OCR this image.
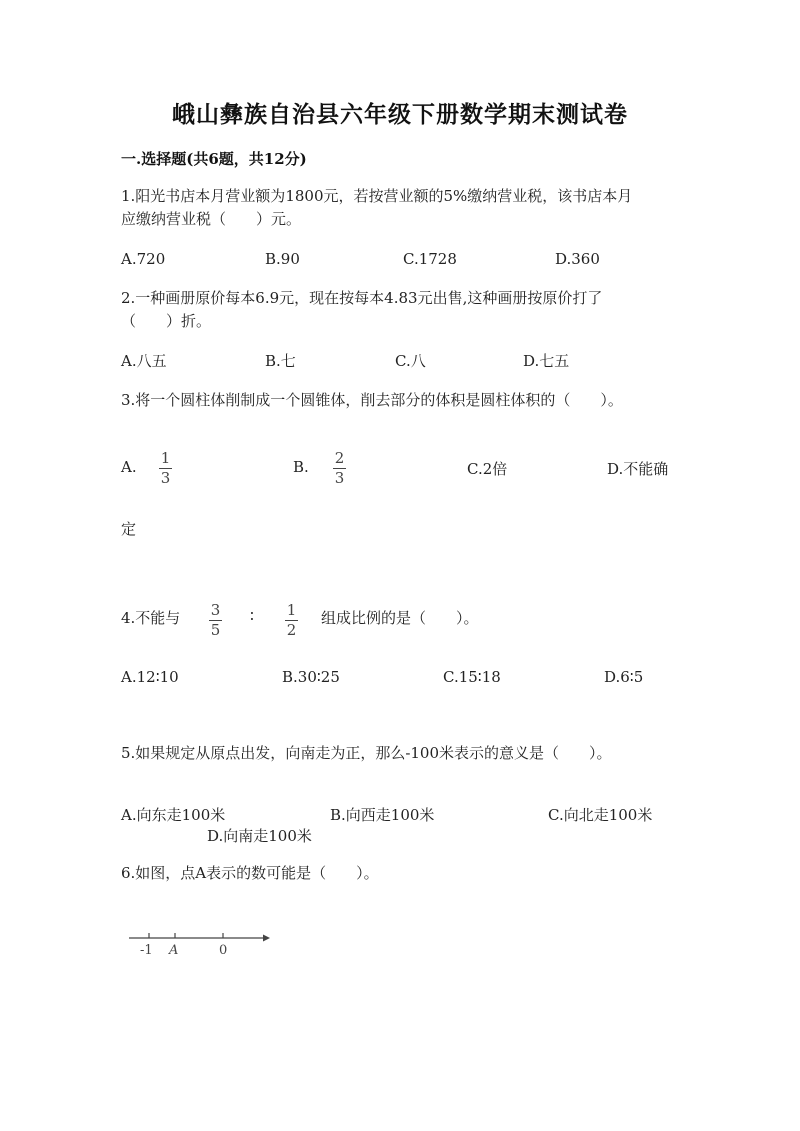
峨山彝族自治县六年级下册数学期末测试卷
一.选择题(共6题，共12分)
1.阳光书店本月营业额为1800元，若按营业额的5%缴纳营业税，该书店本月
应缴纳营业税（　　）元。
A.720	B.90	C.1728	D.360
2.一种画册原价每本6.9元，现在按每本4.83元出售,这种画册按原价打了
（　　）折。
A.八五	B.七	C.八	D.七五
3.将一个圆柱体削制成一个圆锥体，削去部分的体积是圆柱体积的（　　）。
A. 1
3
B. 2
3	C.2倍	D.不能确
定
4.不能与 3
5
∶ 1
2
组成比例的是（　　）。
A.12∶10	B.30∶25	C.15∶18	D.6∶5
5.如果规定从原点出发，向南走为正，那么-100米表示的意义是（　　）。
A.向东走100米	B.向西走100米	C.向北走100米
D.向南走100米
6.如图，点A表示的数可能是（　　）。
-1 A	0
